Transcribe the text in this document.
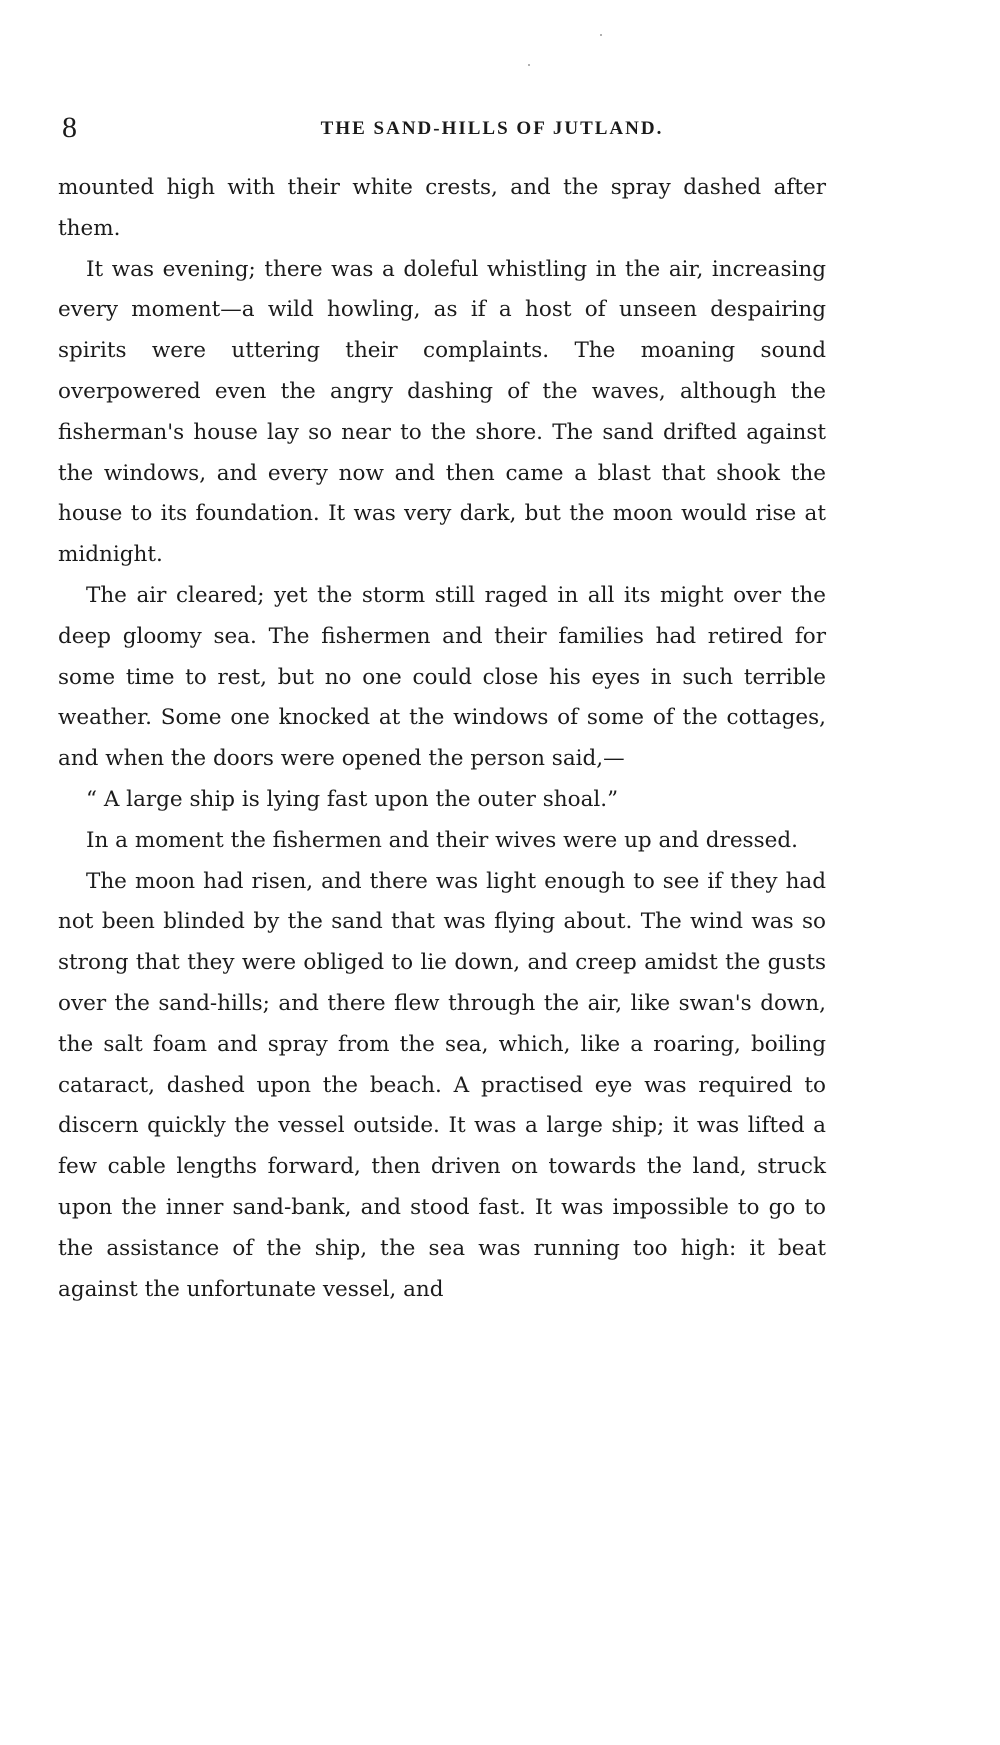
8	THE SAND-HILLS OF JUTLAND.

mounted high with their white crests, and the spray dashed after them.

It was evening; there was a doleful whistling in the air, increasing every moment—a wild howling, as if a host of unseen despairing spirits were uttering their complaints. The moaning sound overpowered even the angry dashing of the waves, although the fisherman's house lay so near to the shore. The sand drifted against the windows, and every now and then came a blast that shook the house to its foundation. It was very dark, but the moon would rise at midnight.

The air cleared; yet the storm still raged in all its might over the deep gloomy sea. The fishermen and their families had retired for some time to rest, but no one could close his eyes in such terrible weather. Some one knocked at the windows of some of the cottages, and when the doors were opened the person said,—

“ A large ship is lying fast upon the outer shoal.”

In a moment the fishermen and their wives were up and dressed.

The moon had risen, and there was light enough to see if they had not been blinded by the sand that was flying about. The wind was so strong that they were obliged to lie down, and creep amidst the gusts over the sand-hills; and there flew through the air, like swan's down, the salt foam and spray from the sea, which, like a roaring, boiling cataract, dashed upon the beach. A practised eye was required to discern quickly the vessel outside. It was a large ship; it was lifted a few cable lengths forward, then driven on towards the land, struck upon the inner sand-bank, and stood fast. It was impossible to go to the assistance of the ship, the sea was running too high: it beat against the unfortunate vessel, and
